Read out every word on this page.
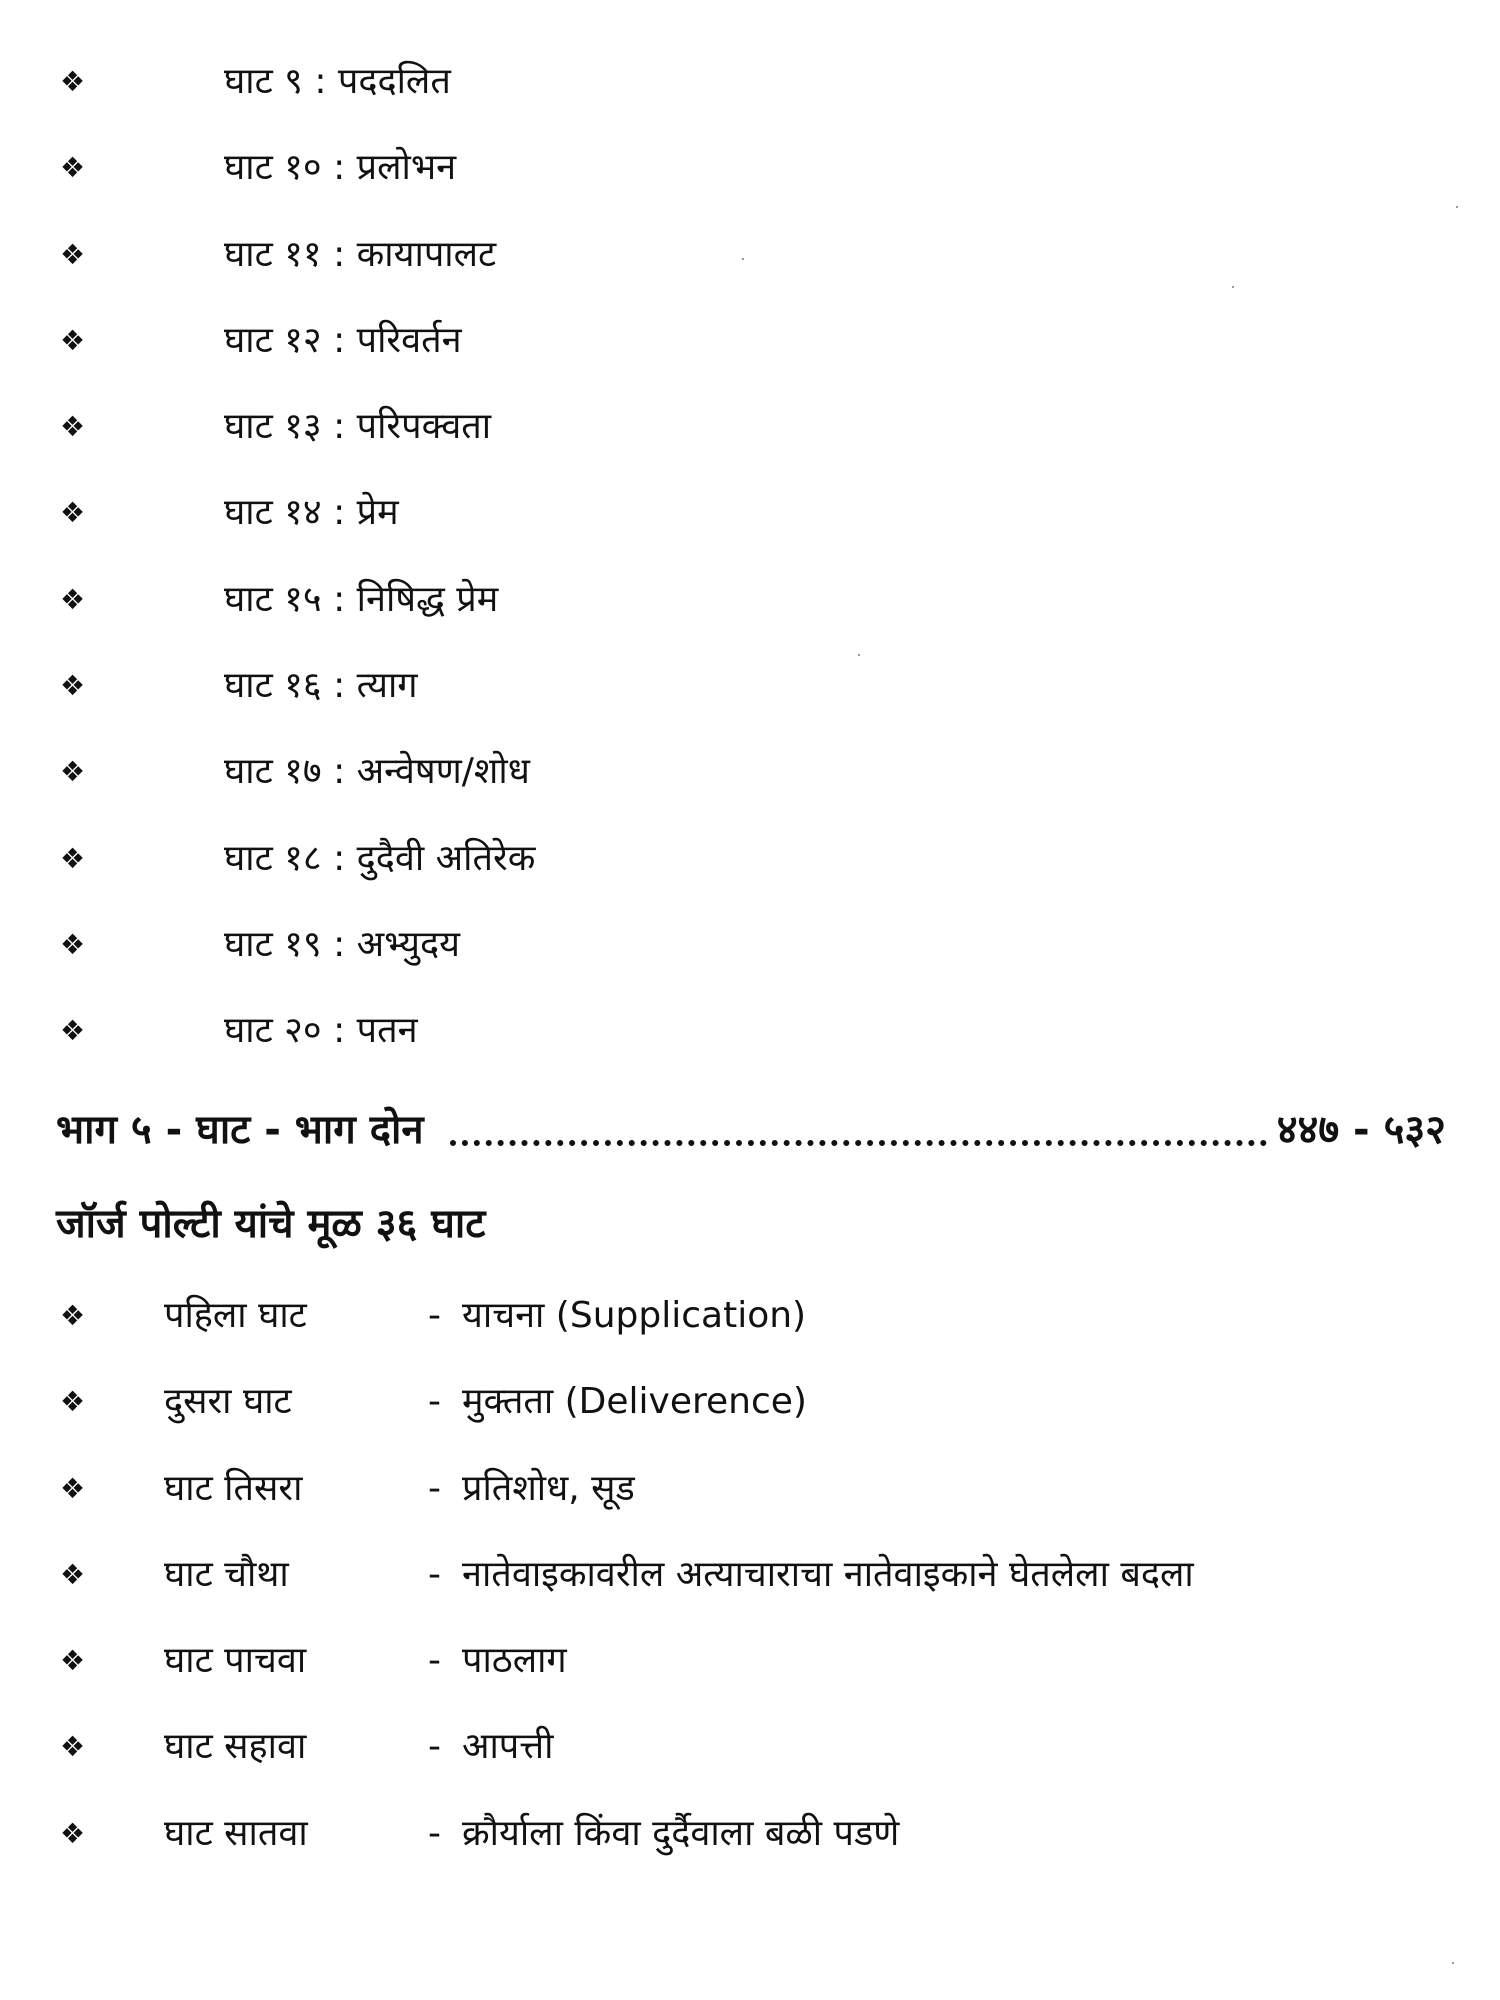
❖	घाट ९ : पददलित
❖	घाट १० : प्रलोभन
❖	घाट ११ : कायापालट
❖	घाट १२ : परिवर्तन
❖	घाट १३ : परिपक्वता
❖	घाट १४ : प्रेम
❖	घाट १५ : निषिद्ध प्रेम
❖	घाट १६ : त्याग
❖	घाट १७ : अन्वेषण/शोध
❖	घाट १८ : दुदैवी अतिरेक
❖	घाट १९ : अभ्युदय
❖	घाट २० : पतन
भाग ५ - घाट - भाग दोन	४४७ - ५३२
जॉर्ज पोल्टी यांचे मूळ ३६ घाट
❖	पहिला घाट	- याचना (Supplication)
❖	दुसरा घाट	- मुक्तता (Deliverence)
❖	घाट तिसरा	- प्रतिशोध, सूड
❖	घाट चौथा	- नातेवाइकावरील अत्याचाराचा नातेवाइकाने घेतलेला बदला
❖	घाट पाचवा	- पाठलाग
❖	घाट सहावा	- आपत्ती
❖	घाट सातवा	- क्रौर्याला किंवा दुर्दैवाला बळी पडणे
